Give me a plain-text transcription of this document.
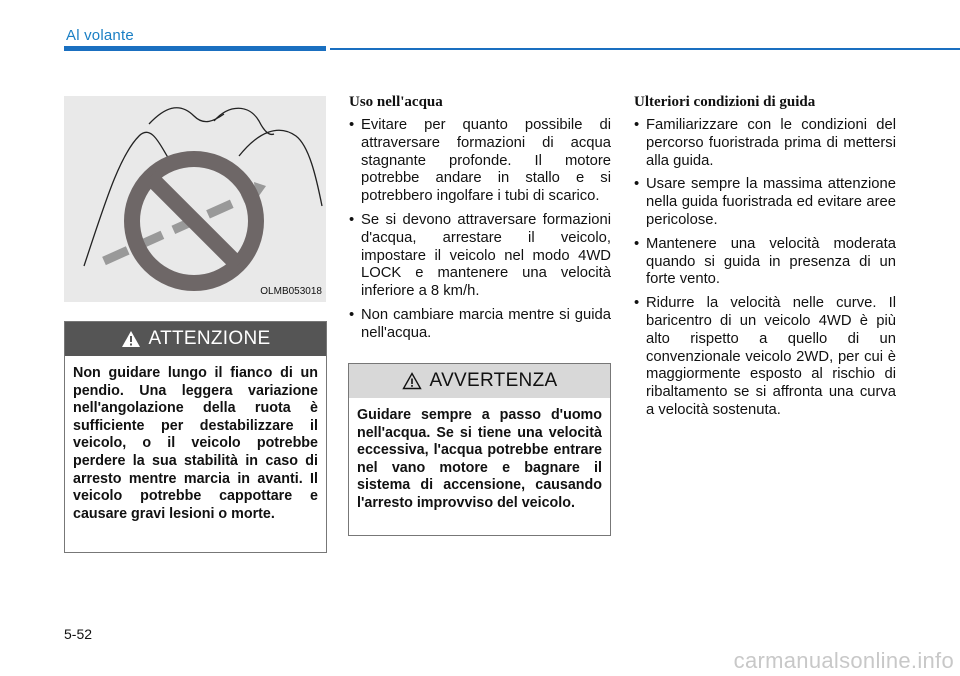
Al volante
OLMB053018
ATTENZIONE
Non guidare lungo il fianco di un pendio. Una leggera variazione nell'angolazione della ruota è sufficiente per destabilizzare il veicolo, o il veicolo potrebbe perdere la sua stabilità in caso di arresto mentre marcia in avanti. Il veicolo potrebbe cappottare e causare gravi lesioni o morte.
Uso nell'acqua
• Evitare per quanto possibile di attraversare formazioni di acqua stagnante profonde. Il motore potrebbe andare in stallo e si potrebbero ingolfare i tubi di scarico.
• Se si devono attraversare formazioni d'acqua, arrestare il veicolo, impostare il veicolo nel modo 4WD LOCK e mantenere una velocità inferiore a 8 km/h.
• Non cambiare marcia mentre si guida nell'acqua.
AVVERTENZA
Guidare sempre a passo d'uomo nell'acqua. Se si tiene una velocità eccessiva, l'acqua potrebbe entrare nel vano motore e bagnare il sistema di accensione, causando l'arresto improvviso del veicolo.
Ulteriori condizioni di guida
• Familiarizzare con le condizioni del percorso fuoristrada prima di mettersi alla guida.
• Usare sempre la massima attenzione nella guida fuoristrada ed evitare aree pericolose.
• Mantenere una velocità moderata quando si guida in presenza di un forte vento.
• Ridurre la velocità nelle curve. Il baricentro di un veicolo 4WD è più alto rispetto a quello di un convenzionale veicolo 2WD, per cui è maggiormente esposto al rischio di ribaltamento se si affronta una curva a velocità sostenuta.
5-52
carmanualsonline.info
